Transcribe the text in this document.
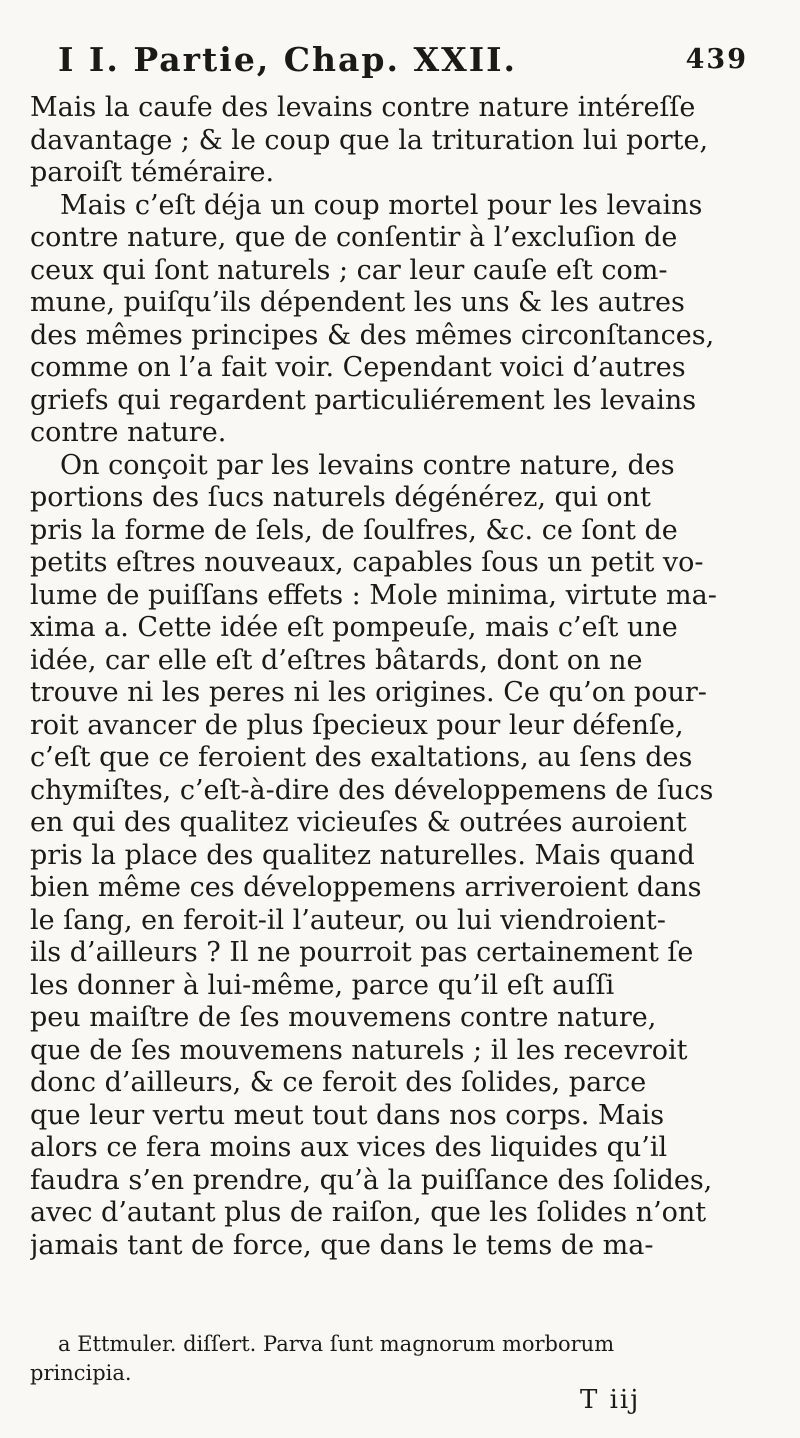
I I. Partie, Chap. XXII.	439
Mais la caufe des levains contre nature intéreſſe
davantage ; & le coup que la trituration lui porte,
paroiſt téméraire.
Mais c’eſt déja un coup mortel pour les levains
contre nature, que de conſentir à l’excluſion de
ceux qui ſont naturels ; car leur cauſe eſt com-
mune, puiſqu’ils dépendent les uns & les autres
des mêmes principes & des mêmes circonſtances,
comme on l’a fait voir. Cependant voici d’autres
griefs qui regardent particuliérement les levains
contre nature.
On conçoit par les levains contre nature, des
portions des ſucs naturels dégénérez, qui ont
pris la forme de ſels, de ſoulfres, &c. ce ſont de
petits eſtres nouveaux, capables ſous un petit vo-
lume de puiſſans effets : Mole minima, virtute ma-
xima a. Cette idée eſt pompeuſe, mais c’eſt une
idée, car elle eſt d’eſtres bâtards, dont on ne
trouve ni les peres ni les origines. Ce qu’on pour-
roit avancer de plus ſpecieux pour leur défenſe,
c’eſt que ce feroient des exaltations, au ſens des
chymiſtes, c’eſt-à-dire des développemens de ſucs
en qui des qualitez vicieuſes & outrées auroient
pris la place des qualitez naturelles. Mais quand
bien même ces développemens arriveroient dans
le ſang, en feroit-il l’auteur, ou lui viendroient-
ils d’ailleurs ? Il ne pourroit pas certainement ſe
les donner à lui-même, parce qu’il eſt auſſi
peu maiſtre de ſes mouvemens contre nature,
que de ſes mouvemens naturels ; il les recevroit
donc d’ailleurs, & ce feroit des ſolides, parce
que leur vertu meut tout dans nos corps. Mais
alors ce fera moins aux vices des liquides qu’il
faudra s’en prendre, qu’à la puiſſance des ſolides,
avec d’autant plus de raiſon, que les ſolides n’ont
jamais tant de force, que dans le tems de ma-
a Ettmuler. diſſert. Parva ſunt magnorum morborum
principia.
T iij
